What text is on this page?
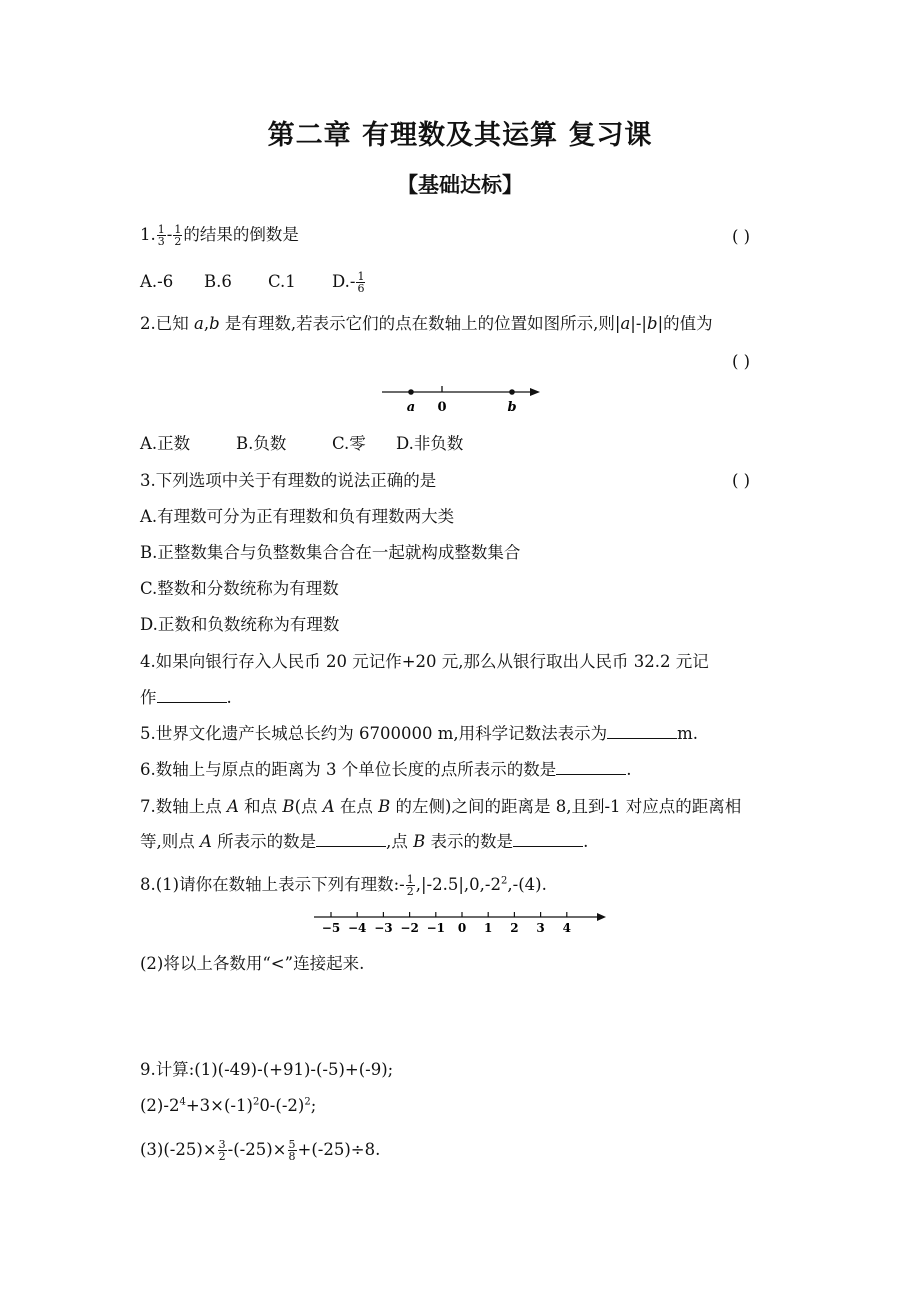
第二章 有理数及其运算 复习课
【基础达标】
1. $\frac{1}{3} - \frac{1}{2}$ 的结果的倒数是	( )
A.-6 B.6 C.1 $D.- \frac{1}{6}$
2.已知 a,b 是有理数,若表示它们的点在数轴上的位置如图所示,则|a|-|b|的值为
( )
a 0	b
A.正数	B.负数	C.零 D.非负数
3.下列选项中关于有理数的说法正确的是	( )
A.有理数可分为正有理数和负有理数两大类
B.正整数集合与负整数集合合在一起就构成整数集合
C.整数和分数统称为有理数
D.正数和负数统称为有理数
4.如果向银行存入人民币 20 元记作+20 元,那么从银行取出人民币 32.2 元记
作	.
5.世界文化遗产长城总长约为 6700000 m,用科学记数法表示为	m.
6.数轴上与原点的距离为 3 个单位长度的点所表示的数是	.
7.数轴上点 A 和点 B(点 A 在点 B 的左侧)之间的距离是 8,且到-1 对应点的距离相
等,则点 A 所表示的数是	,点 B 表示的数是	.
8.(1)请你在数轴上表示下列有理数:- $\frac{1}{2} ,|-2.5|,0,-2^2,-(4)$.
−5 −4 −3 −2 −1 0 1 2 3 4
(2)将以上各数用“<”连接起来.
9.计算:(1)(-49)-(+91)-(-5)+(-9);
$(2)-2^4+3\times(-1)^20-(-2)^2$;
$(3)(-25)\times \frac{3}{2} -(-25)\times \frac{5}{8} +(-25)\div 8$.
